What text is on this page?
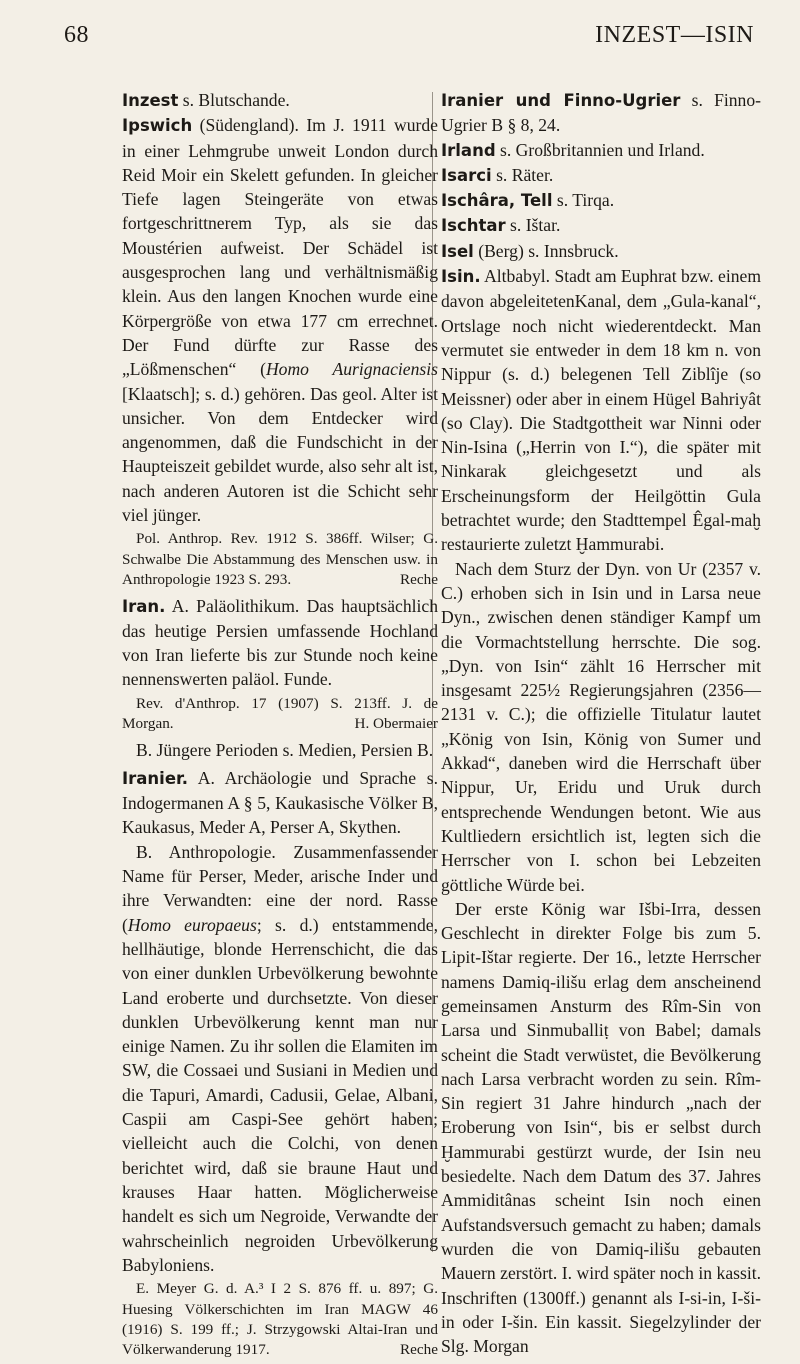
68	INZEST—ISIN

Inzest s. Blutschande.

Ipswich (Südengland). Im J. 1911 wurde in einer Lehmgrube unweit London durch Reid Moir ein Skelett gefunden. In gleicher Tiefe lagen Steingeräte von etwas fortgeschrittnerem Typ, als sie das Moustérien aufweist. Der Schädel ist ausgesprochen lang und verhältnismäßig klein. Aus den langen Knochen wurde eine Körpergröße von etwa 177 cm errechnet. Der Fund dürfte zur Rasse des „Lößmenschen“ (Homo Aurignaciensis [Klaatsch]; s. d.) gehören. Das geol. Alter ist unsicher. Von dem Entdecker wird angenommen, daß die Fundschicht in der Haupteiszeit gebildet wurde, also sehr alt ist, nach anderen Autoren ist die Schicht sehr viel jünger.

Pol. Anthrop. Rev. 1912 S. 386ff. Wilser; G. Schwalbe Die Abstammung des Menschen usw. in Anthropologie 1923 S. 293.	Reche

Iran. A. Paläolithikum. Das hauptsächlich das heutige Persien umfassende Hochland von Iran lieferte bis zur Stunde noch keine nennenswerten paläol. Funde.

Rev. d'Anthrop. 17 (1907) S. 213ff. J. de Morgan.	H. Obermaier

B. Jüngere Perioden s. Medien, Persien B.

Iranier. A. Archäologie und Sprache s. Indogermanen A § 5, Kaukasische Völker B, Kaukasus, Meder A, Perser A, Skythen.

B. Anthropologie. Zusammenfassender Name für Perser, Meder, arische Inder und ihre Verwandten: eine der nord. Rasse (Homo europaeus; s. d.) entstammende, hellhäutige, blonde Herrenschicht, die das von einer dunklen Urbevölkerung bewohnte Land eroberte und durchsetzte. Von dieser dunklen Urbevölkerung kennt man nur einige Namen. Zu ihr sollen die Elamiten im SW, die Cossaei und Susiani in Medien und die Tapuri, Amardi, Cadusii, Gelae, Albani, Caspii am Caspi-See gehört haben; vielleicht auch die Colchi, von denen berichtet wird, daß sie braune Haut und krauses Haar hatten. Möglicherweise handelt es sich um Negroide, Verwandte der wahrscheinlich negroiden Urbevölkerung Babyloniens.

E. Meyer G. d. A.³ I 2 S. 876 ff. u. 897; G. Huesing Völkerschichten im Iran MAGW 46 (1916) S. 199 ff.; J. Strzygowski Altai-Iran und Völkerwanderung 1917.	Reche

Iranier und Finno-Ugrier s. Finno-Ugrier B § 8, 24.

Irland s. Großbritannien und Irland.

Isarci s. Räter.

Ischâra, Tell s. Tirqa.

Ischtar s. Ištar.

Isel (Berg) s. Innsbruck.

Isin. Altbabyl. Stadt am Euphrat bzw. einem davon abgeleitetenKanal, dem „Gula-kanal“, Ortslage noch nicht wiederentdeckt. Man vermutet sie entweder in dem 18 km n. von Nippur (s. d.) belegenen Tell Ziblîje (so Meissner) oder aber in einem Hügel Bahriyât (so Clay). Die Stadtgottheit war Ninni oder Nin-Isina („Herrin von I.“), die später mit Ninkarak gleichgesetzt und als Erscheinungsform der Heilgöttin Gula betrachtet wurde; den Stadttempel Êgal-maḫ restaurierte zuletzt Ḫammurabi.

Nach dem Sturz der Dyn. von Ur (2357 v. C.) erhoben sich in Isin und in Larsa neue Dyn., zwischen denen ständiger Kampf um die Vormachtstellung herrschte. Die sog. „Dyn. von Isin“ zählt 16 Herrscher mit insgesamt 225½ Regierungsjahren (2356—2131 v. C.); die offizielle Titulatur lautet „König von Isin, König von Sumer und Akkad“, daneben wird die Herrschaft über Nippur, Ur, Eridu und Uruk durch entsprechende Wendungen betont. Wie aus Kultliedern ersichtlich ist, legten sich die Herrscher von I. schon bei Lebzeiten göttliche Würde bei.

Der erste König war Išbi-Irra, dessen Geschlecht in direkter Folge bis zum 5. Lipit-Ištar regierte. Der 16., letzte Herrscher namens Damiq-ilišu erlag dem anscheinend gemeinsamen Ansturm des Rîm-Sin von Larsa und Sinmuballiṭ von Babel; damals scheint die Stadt verwüstet, die Bevölkerung nach Larsa verbracht worden zu sein. Rîm-Sin regiert 31 Jahre hindurch „nach der Eroberung von Isin“, bis er selbst durch Ḫammurabi gestürzt wurde, der Isin neu besiedelte. Nach dem Datum des 37. Jahres Ammiditânas scheint Isin noch einen Aufstandsversuch gemacht zu haben; damals wurden die von Damiq-ilišu gebauten Mauern zerstört. I. wird später noch in kassit. Inschriften (1300ff.) genannt als I-si-in, I-ši-in oder I-šin. Ein kassit. Siegelzylinder der Slg. Morgan
